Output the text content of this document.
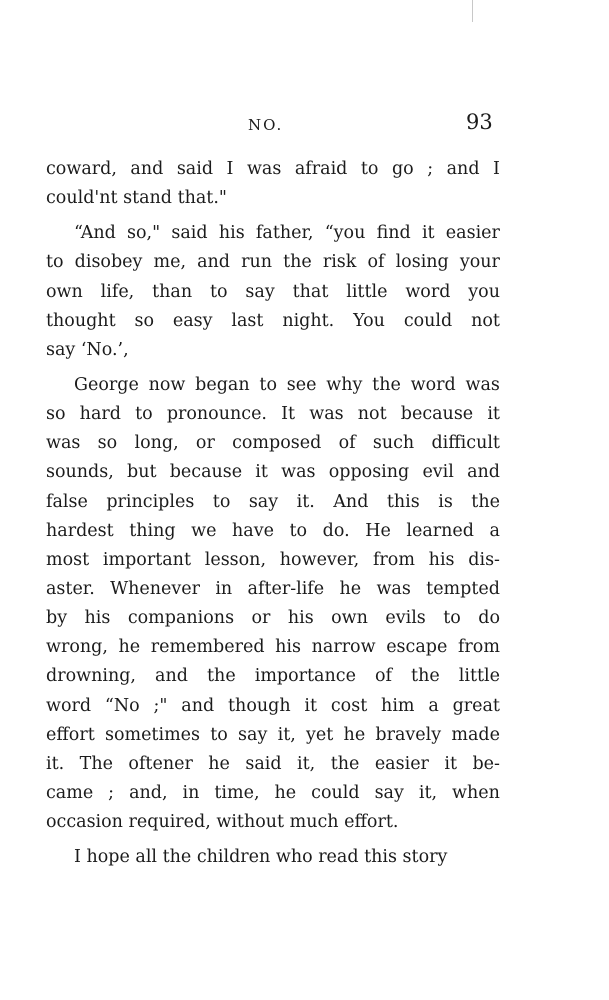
NO.	93
coward, and said I was afraid to go ; and I
could'nt stand that."
“And so," said his father, “you find it easier
to disobey me, and run the risk of losing your
own life, than to say that little word you
thought so easy last night. You could not
say ‘No.’,
George now began to see why the word was
so hard to pronounce. It was not because it
was so long, or composed of such difficult
sounds, but because it was opposing evil and
false principles to say it. And this is the
hardest thing we have to do. He learned a
most important lesson, however, from his dis-
aster. Whenever in after-life he was tempted
by his companions or his own evils to do
wrong, he remembered his narrow escape from
drowning, and the importance of the little
word “No ;" and though it cost him a great
effort sometimes to say it, yet he bravely made
it. The oftener he said it, the easier it be-
came ; and, in time, he could say it, when
occasion required, without much effort.
I hope all the children who read this story
